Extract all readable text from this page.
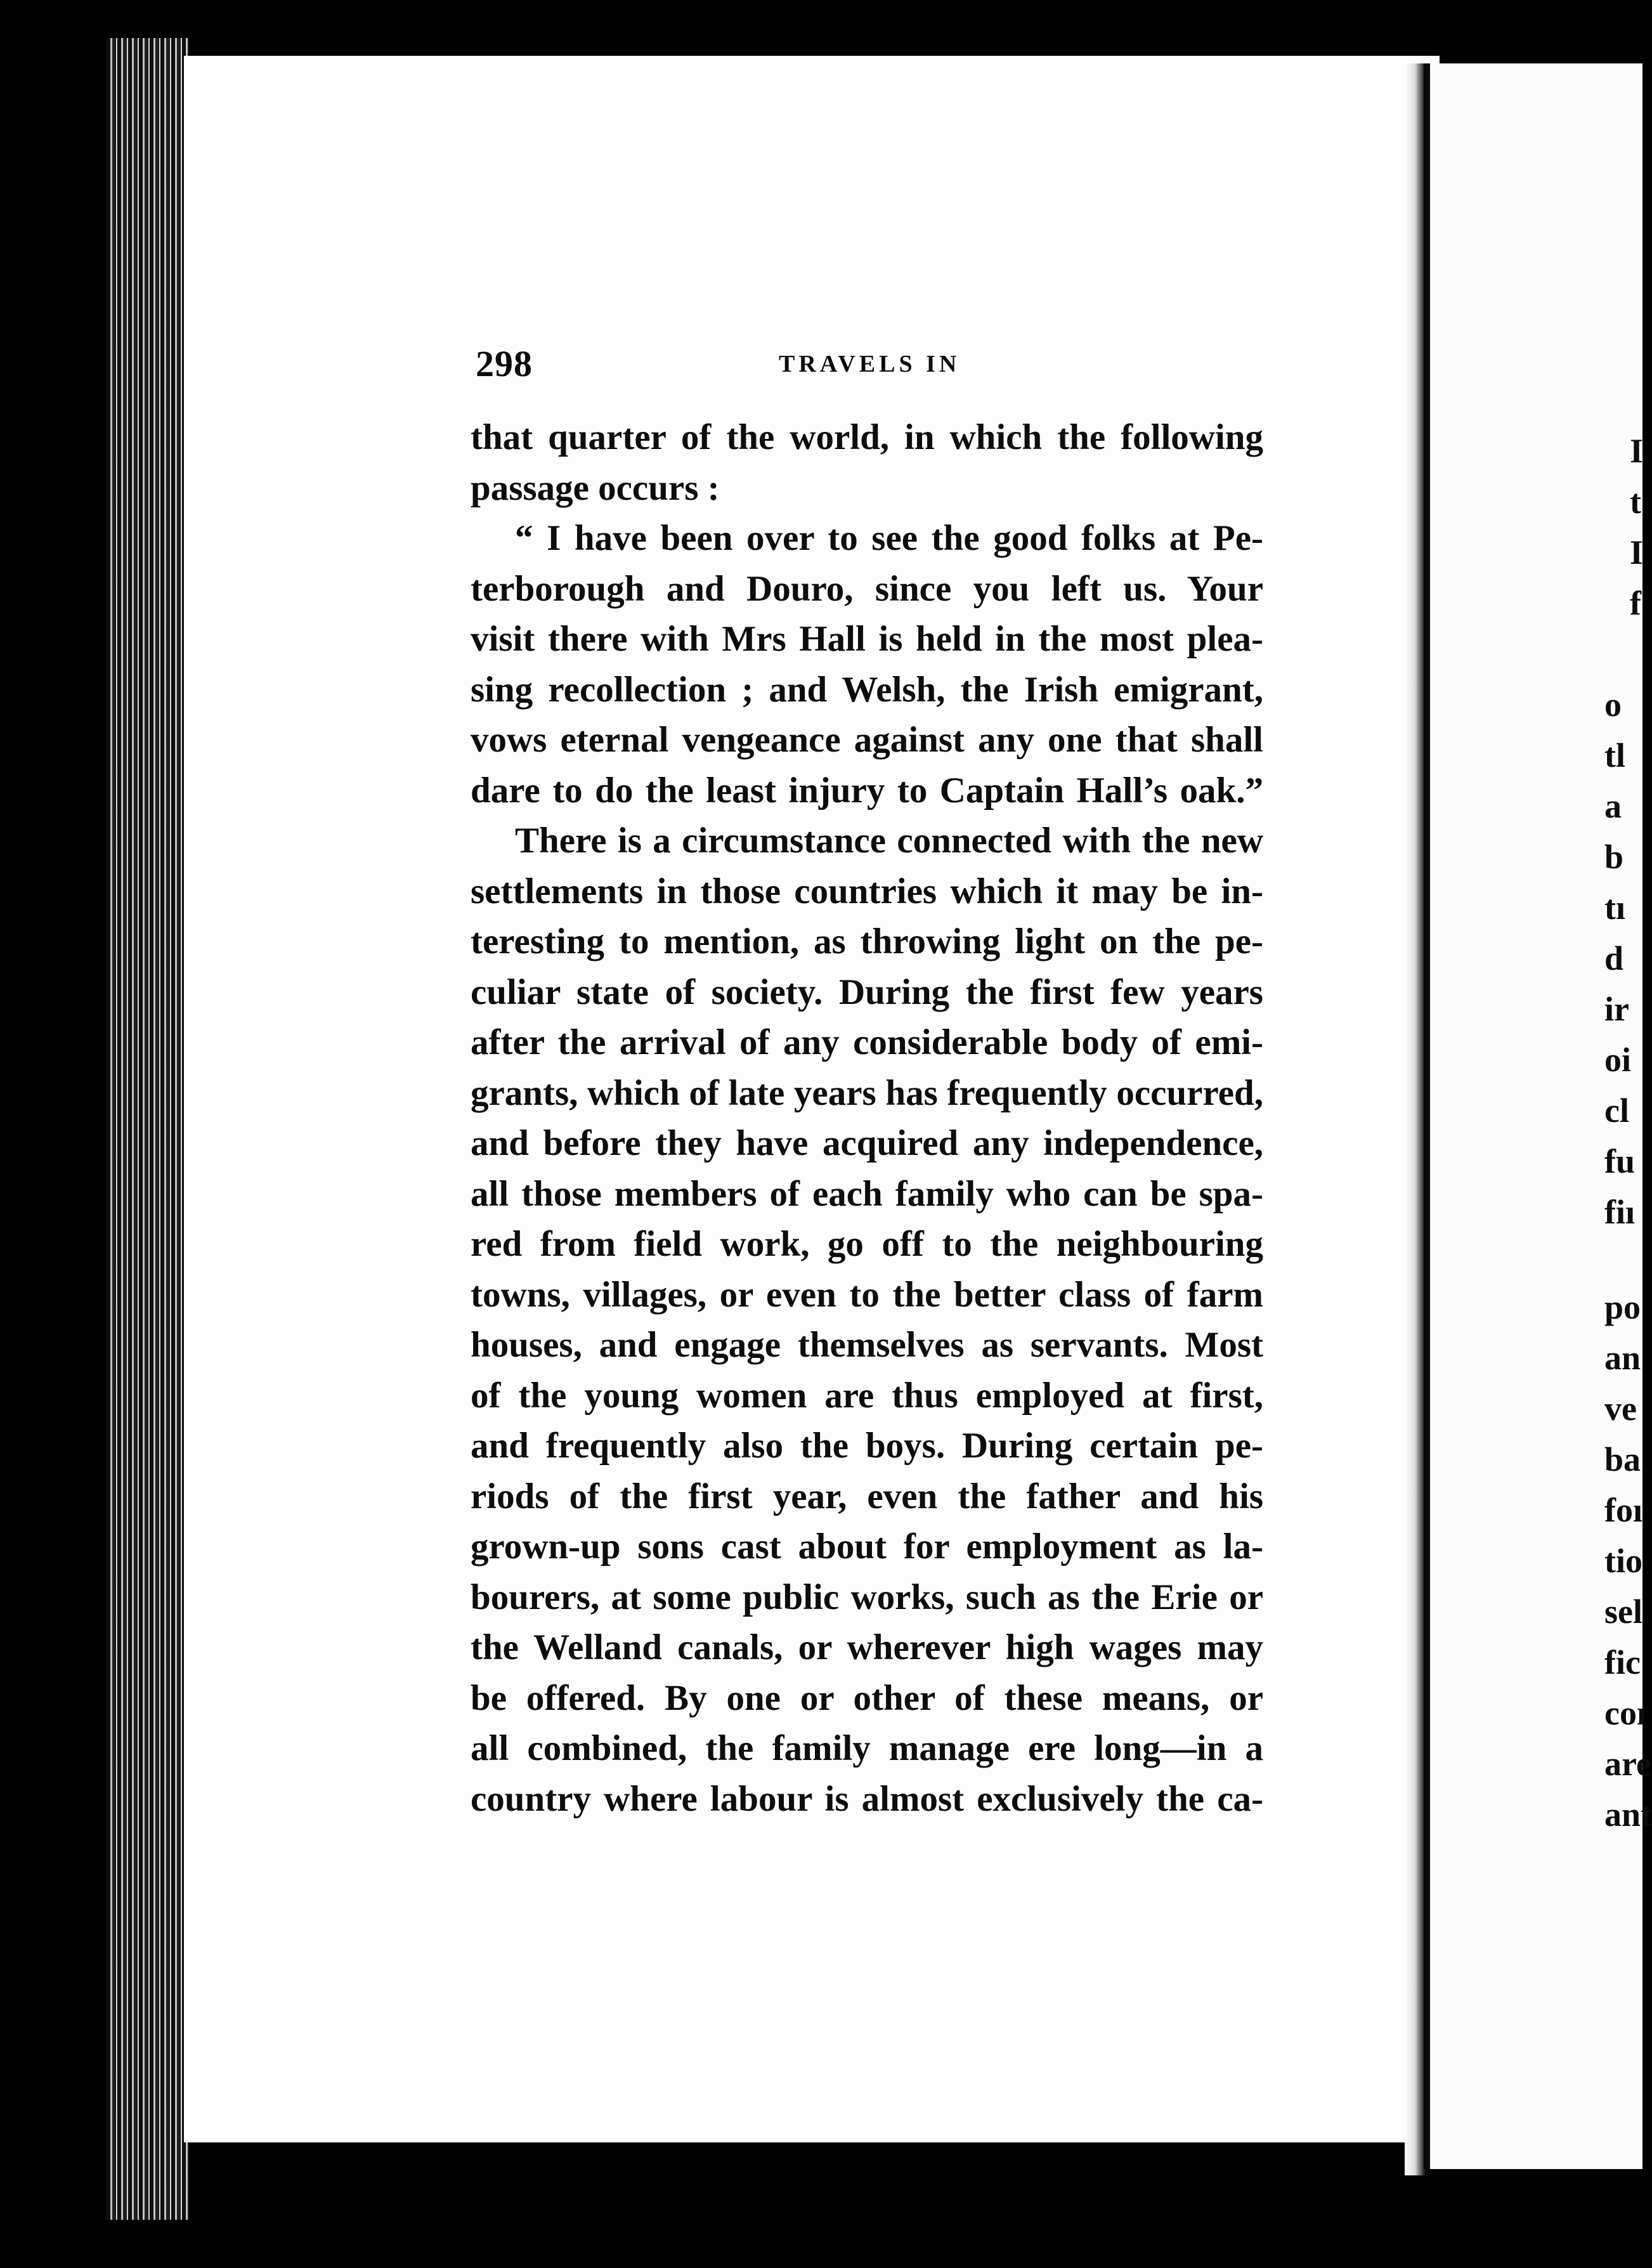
298	TRAVELS IN
that quarter of the world, in which the following
passage occurs :
“ I have been over to see the good folks at Pe-
terborough and Douro, since you left us. Your
visit there with Mrs Hall is held in the most plea-
sing recollection ; and Welsh, the Irish emigrant,
vows eternal vengeance against any one that shall
dare to do the least injury to Captain Hall’s oak.”
There is a circumstance connected with the new
settlements in those countries which it may be in-
teresting to mention, as throwing light on the pe-
culiar state of society. During the first few years
after the arrival of any considerable body of emi-
grants, which of late years has frequently occurred,
and before they have acquired any independence,
all those members of each family who can be spa-
red from field work, go off to the neighbouring
towns, villages, or even to the better class of farm
houses, and engage themselves as servants. Most
of the young women are thus employed at first,
and frequently also the boys. During certain pe-
riods of the first year, even the father and his
grown-up sons cast about for employment as la-
bourers, at some public works, such as the Erie or
the Welland canals, or wherever high wages may
be offered. By one or other of these means, or
all combined, the family manage ere long—in a
country where labour is almost exclusively the ca-
I
t
I
f
o
tl
a
b
tı
d
ir
oi
cl
fu
fiı
po
an
ve
ba
foı
tio
sel
fic
coı
are
ant
